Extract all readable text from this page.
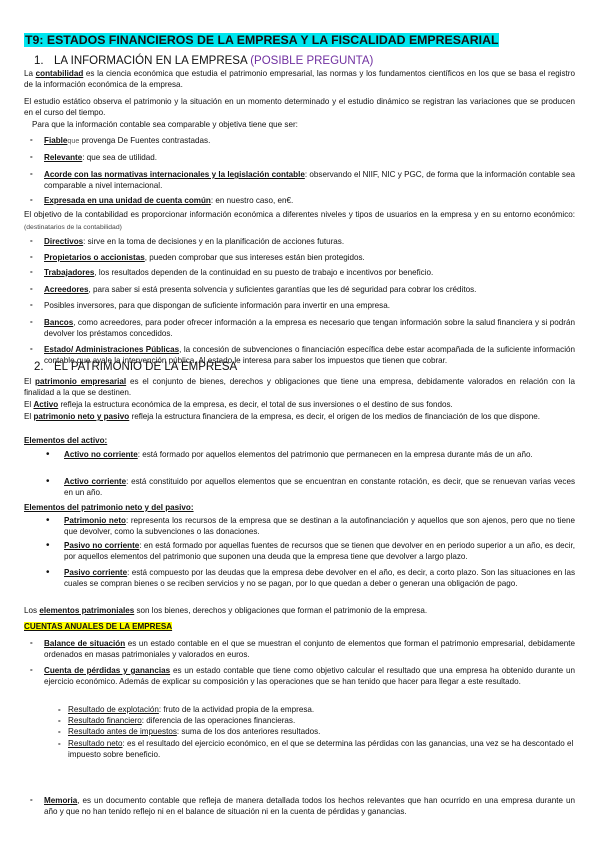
T9: ESTADOS FINANCIEROS DE LA EMPRESA Y LA FISCALIDAD EMPRESARIAL
1. LA INFORMACIÓN EN LA EMPRESA (POSIBLE PREGUNTA)
La contabilidad es la ciencia económica que estudia el patrimonio empresarial, las normas y los fundamentos científicos en los que se basa el registro de la información económica de la empresa.
El estudio estático observa el patrimonio y la situación en un momento determinado y el estudio dinámico se registran las variaciones que se producen en el curso del tiempo.
Para que la información contable sea comparable y objetiva tiene que ser:
- Fiableque provenga De Fuentes contrastadas.
- Relevante: que sea de utilidad.
- Acorde con las normativas internacionales y la legislación contable: observando el NIIF, NIC y PGC, de forma que la información contable sea comparable a nivel internacional.
- Expresada en una unidad de cuenta común: en nuestro caso, en€.
El objetivo de la contabilidad es proporcionar información económica a diferentes niveles y tipos de usuarios en la empresa y en su entorno económico: (destinatarios de la contabilidad)
- Directivos: sirve en la toma de decisiones y en la planificación de acciones futuras.
- Propietarios o accionistas, pueden comprobar que sus intereses están bien protegidos.
- Trabajadores, los resultados dependen de la continuidad en su puesto de trabajo e incentivos por beneficio.
- Acreedores, para saber si está presenta solvencia y suficientes garantías que les dé seguridad para cobrar los créditos.
- Posibles inversores, para que dispongan de suficiente información para invertir en una empresa.
- Bancos, como acreedores, para poder ofrecer información a la empresa es necesario que tengan información sobre la salud financiera y si podrán devolver los préstamos concedidos.
- Estado/ Administraciones Públicas, la concesión de subvenciones o financiación específica debe estar acompañada de la suficiente información contable que avale la intervención pública. Al estado le interesa para saber los impuestos que tienen que cobrar.
2. EL PATRIMONIO DE LA EMPRESA
El patrimonio empresarial es el conjunto de bienes, derechos y obligaciones que tiene una empresa, debidamente valorados en relación con la finalidad a la que se destinen.
El Activo refleja la estructura económica de la empresa, es decir, el total de sus inversiones o el destino de sus fondos.
El patrimonio neto y pasivo refleja la estructura financiera de la empresa, es decir, el origen de los medios de financiación de los que dispone.
Elementos del activo:
• Activo no corriente: está formado por aquellos elementos del patrimonio que permanecen en la empresa durante más de un año.
• Activo corriente: está constituido por aquellos elementos que se encuentran en constante rotación, es decir, que se renuevan varias veces en un año.
Elementos del patrimonio neto y del pasivo:
• Patrimonio neto: representa los recursos de la empresa que se destinan a la autofinanciación y aquellos que son ajenos, pero que no tiene que devolver, como la subvenciones o las donaciones.
• Pasivo no corriente: en está formado por aquellas fuentes de recursos que se tienen que devolver en en periodo superior a un año, es decir, por aquellos elementos del patrimonio que suponen una deuda que la empresa tiene que devolver a largo plazo.
• Pasivo corriente: está compuesto por las deudas que la empresa debe devolver en el año, es decir, a corto plazo. Son las situaciones en las cuales se compran bienes o se reciben servicios y no se pagan, por lo que quedan a deber o generan una obligación de pago.
Los elementos patrimoniales son los bienes, derechos y obligaciones que forman el patrimonio de la empresa.
CUENTAS ANUALES DE LA EMPRESA
- Balance de situación es un estado contable en el que se muestran el conjunto de elementos que forman el patrimonio empresarial, debidamente ordenados en masas patrimoniales y valorados en euros.
- Cuenta de pérdidas y ganancias es un estado contable que tiene como objetivo calcular el resultado que una empresa ha obtenido durante un ejercicio económico. Además de explicar su composición y las operaciones que se han tenido que hacer para llegar a este resultado.
- Resultado de explotación: fruto de la actividad propia de la empresa.
- Resultado financiero: diferencia de las operaciones financieras.
- Resultado antes de impuestos: suma de los dos anteriores resultados.
- Resultado neto: es el resultado del ejercicio económico, en el que se determina las pérdidas con las ganancias, una vez se ha descontado el impuesto sobre beneficio.
- Memoria, es un documento contable que refleja de manera detallada todos los hechos relevantes que han ocurrido en una empresa durante un año y que no han tenido reflejo ni en el balance de situación ni en la cuenta de pérdidas y ganancias.
